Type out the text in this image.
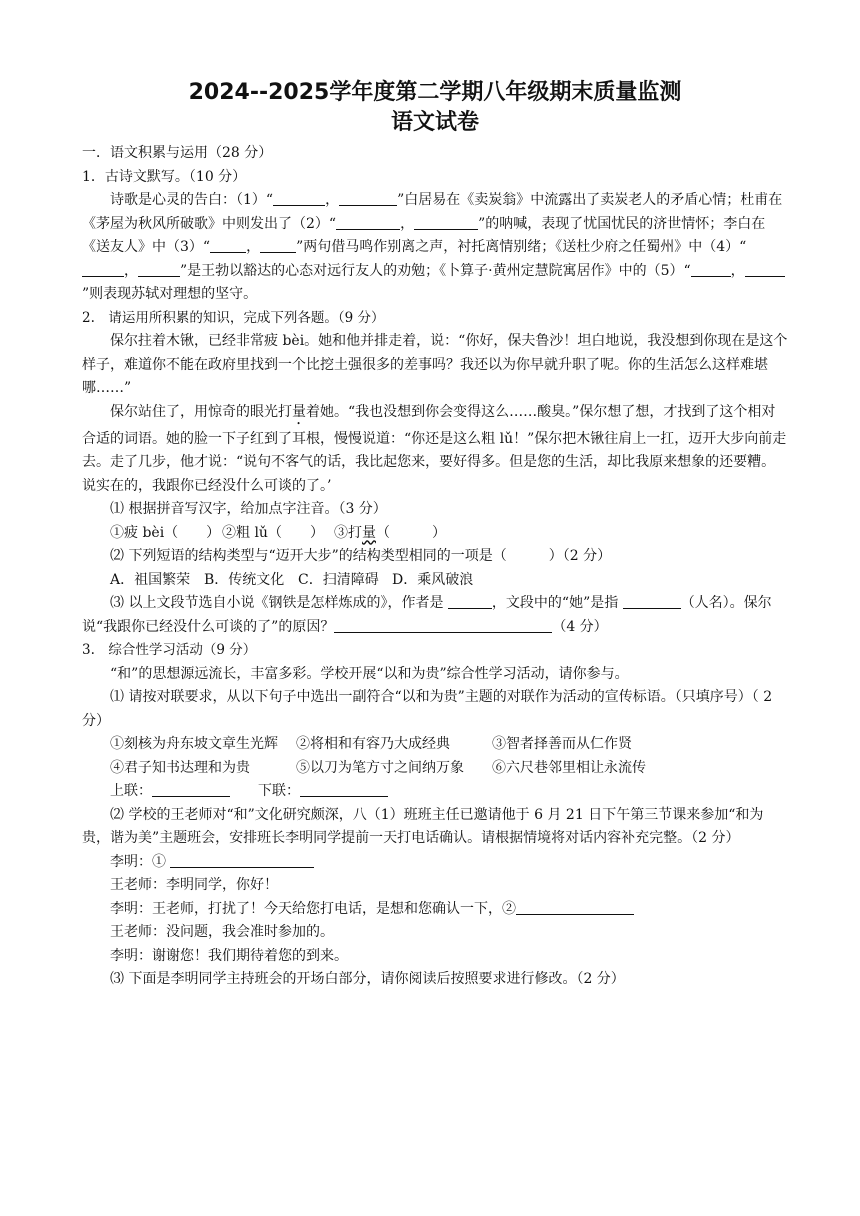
2024--2025学年度第二学期八年级期末质量监测
语文试卷

一．语文积累与运用（28 分）

1．古诗文默写。（10 分）

诗歌是心灵的告白：（1）“	，	”白居易在《卖炭翁》中流露出了卖炭老人的矛盾心情；杜甫在《茅屋为秋风所破歌》中则发出了（2）“	，	”的呐喊，表现了忧国忧民的济世情怀；李白在《送友人》中（3）“	，	”两句借马鸣作别离之声，衬托离情别绪；《送杜少府之任蜀州》中（4）“，	”是王勃以豁达的心态对远行友人的劝勉；《卜算子·黄州定慧院寓居作》中的（5）“	，”则表现苏轼对理想的坚守。

2.　请运用所积累的知识，完成下列各题。（9 分）

保尔拄着木锹，已经非常疲 bèi。她和他并排走着，说：“你好，保夫鲁沙！坦白地说，我没想到你现在是这个样子，难道你不能在政府里找到一个比挖土强很多的差事吗？我还以为你早就升职了呢。你的生活怎么这样难堪哪……”

保尔站住了，用惊奇的眼光打量着她。“我也没想到你会变得这么……酸臭。”保尔想了想，才找到了这个相对合适的词语。她的脸一下子红到了耳根，慢慢说道：“你还是这么粗 lǔ！”保尔把木锹往肩上一扛，迈开大步向前走去。走了几步，他才说：“说句不客气的话，我比起您来，要好得多。但是您的生活，却比我原来想象的还要糟。说实在的，我跟你已经没什么可谈的了。’

⑴ 根据拼音写汉字，给加点字注音。（3 分）

①疲 bèi（　　） ②粗 lǔ（　　） ③打量（　　　）

⑵ 下列短语的结构类型与“迈开大步”的结构类型相同的一项是（　　　）（2 分）

A．祖国繁荣 B．传统文化 C．扫清障碍 D．乘风破浪

⑶ 以上文段节选自小说《钢铁是怎样炼成的》，作者是	，文段中的“她”是指	（人名）。保尔说“我跟你已经没什么可谈的了”的原因？	（4 分）

3.　综合性学习活动（9 分）

“和”的思想源远流长，丰富多彩。学校开展“以和为贵”综合性学习活动，请你参与。

⑴ 请按对联要求，从以下句子中选出一副符合“以和为贵”主题的对联作为活动的宣传标语。（只填序号）（ 2 分）

①刻核为舟东坡文章生光辉 ②将相和有容乃大成经典	③智者择善而从仁作贤

④君子知书达理和为贵	⑤以刀为笔方寸之间纳万象 ⑥六尺巷邻里相让永流传

上联：	下联：

⑵ 学校的王老师对“和”文化研究颇深，八（1）班班主任已邀请他于 6 月 21 日下午第三节课来参加“和为贵，谐为美”主题班会，安排班长李明同学提前一天打电话确认。请根据情境将对话内容补充完整。（2 分）

李明：①

王老师：李明同学，你好！

李明：王老师，打扰了！今天给您打电话，是想和您确认一下，②

王老师：没问题，我会准时参加的。

李明：谢谢您！我们期待着您的到来。

⑶ 下面是李明同学主持班会的开场白部分，请你阅读后按照要求进行修改。（2 分）
